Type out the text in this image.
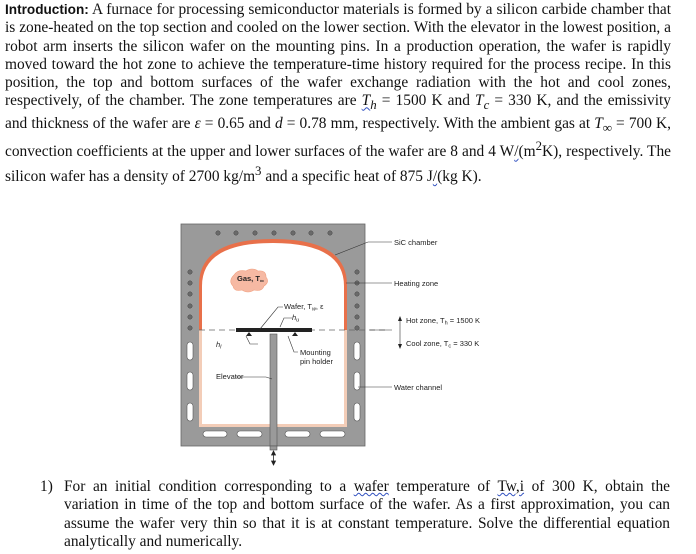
Introduction: A furnace for processing semiconductor materials is formed by a silicon carbide chamber that is zone-heated on the top section and cooled on the lower section. With the elevator in the lowest position, a robot arm inserts the silicon wafer on the mounting pins. In a production operation, the wafer is rapidly moved toward the hot zone to achieve the temperature-time history required for the process recipe. In this position, the top and bottom surfaces of the wafer exchange radiation with the hot and cool zones, respectively, of the chamber. The zone temperatures are $T_h = 1500$ K and $T_c = 330$ K, and the emissivity and thickness of the wafer are ε = 0.65 and d = 0.78 mm, respectively. With the ambient gas at $T_\infty = 700$ K, convection coefficients at the upper and lower surfaces of the wafer are 8 and 4 $W/(m^2K)$, respectively. The silicon wafer has a density of 2700 $kg/m^3$ and a specific heat of 875 J/(kg K).

Gas, $T_\infty$
Wafer, $T_w$, ε
$h_u$
$h_l$
Mounting
pin holder
Elevator
SiC chamber
Heating zone
Hot zone, $T_h = 1500$ K
Cool zone, $T_c = 330$ K
Water channel

1) For an initial condition corresponding to a wafer temperature of Tw,i of 300 K, obtain the variation in time of the top and bottom surface of the wafer. As a first approximation, you can assume the wafer very thin so that it is at constant temperature. Solve the differential equation analytically and numerically.
